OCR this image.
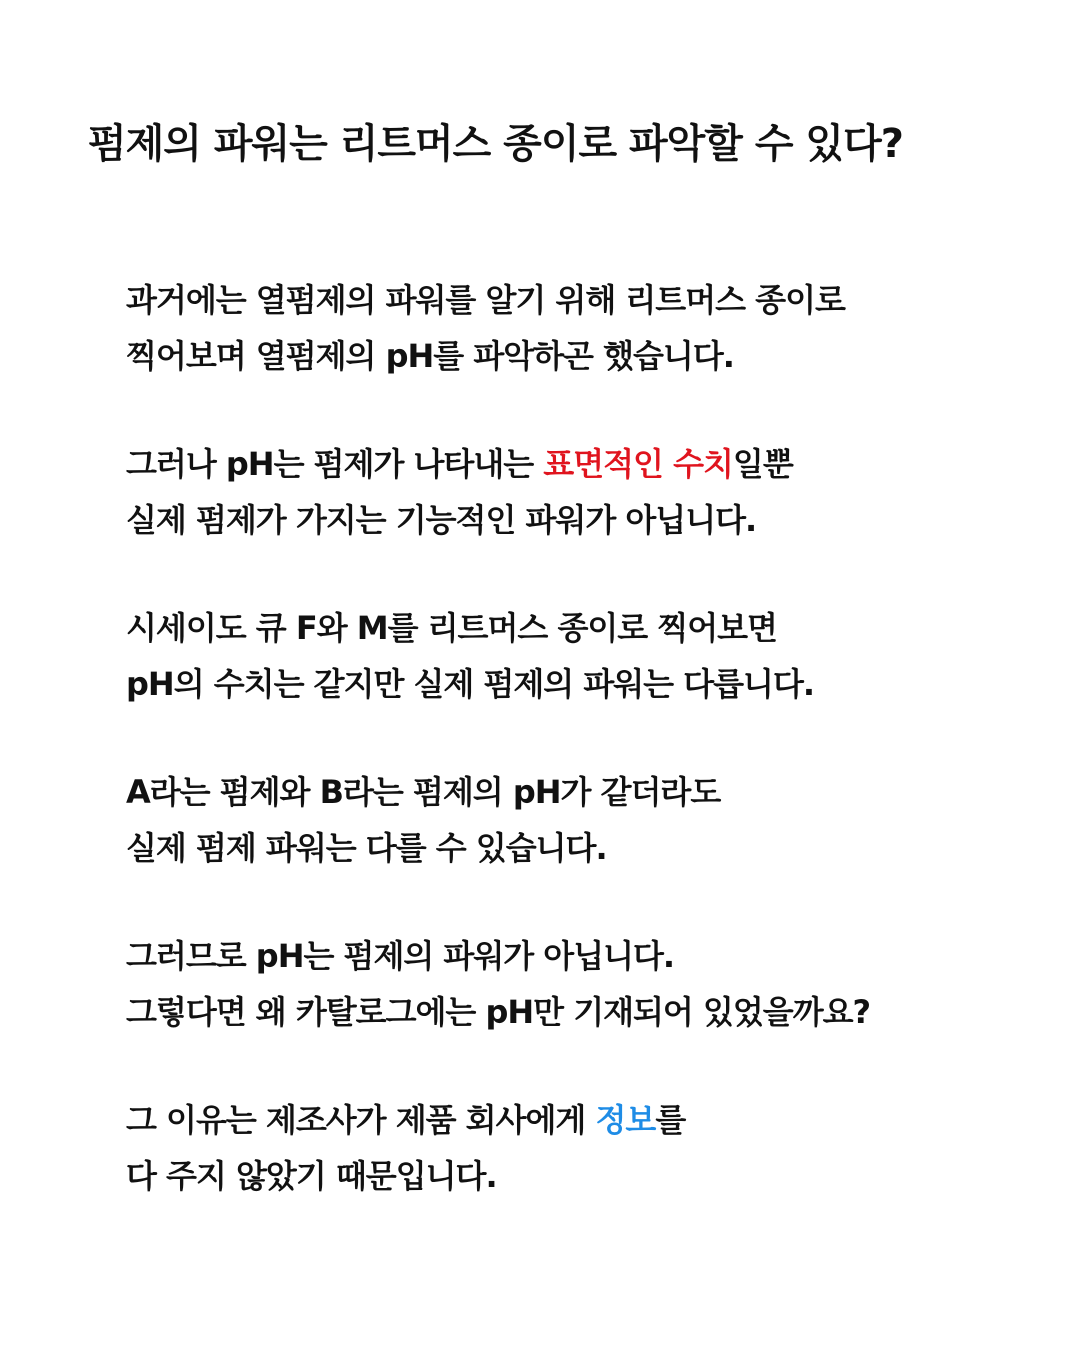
펌제의 파워는 리트머스 종이로 파악할 수 있다?

과거에는 열펌제의 파워를 알기 위해 리트머스 종이로
찍어보며 열펌제의 pH를 파악하곤 했습니다.

그러나 pH는 펌제가 나타내는 표면적인 수치일뿐
실제 펌제가 가지는 기능적인 파워가 아닙니다.

시세이도 큐 F와 M를 리트머스 종이로 찍어보면
pH의 수치는 같지만 실제 펌제의 파워는 다릅니다.

A라는 펌제와 B라는 펌제의 pH가 같더라도
실제 펌제 파워는 다를 수 있습니다.

그러므로 pH는 펌제의 파워가 아닙니다.
그렇다면 왜 카탈로그에는 pH만 기재되어 있었을까요?

그 이유는 제조사가 제품 회사에게 정보를
다 주지 않았기 때문입니다.
